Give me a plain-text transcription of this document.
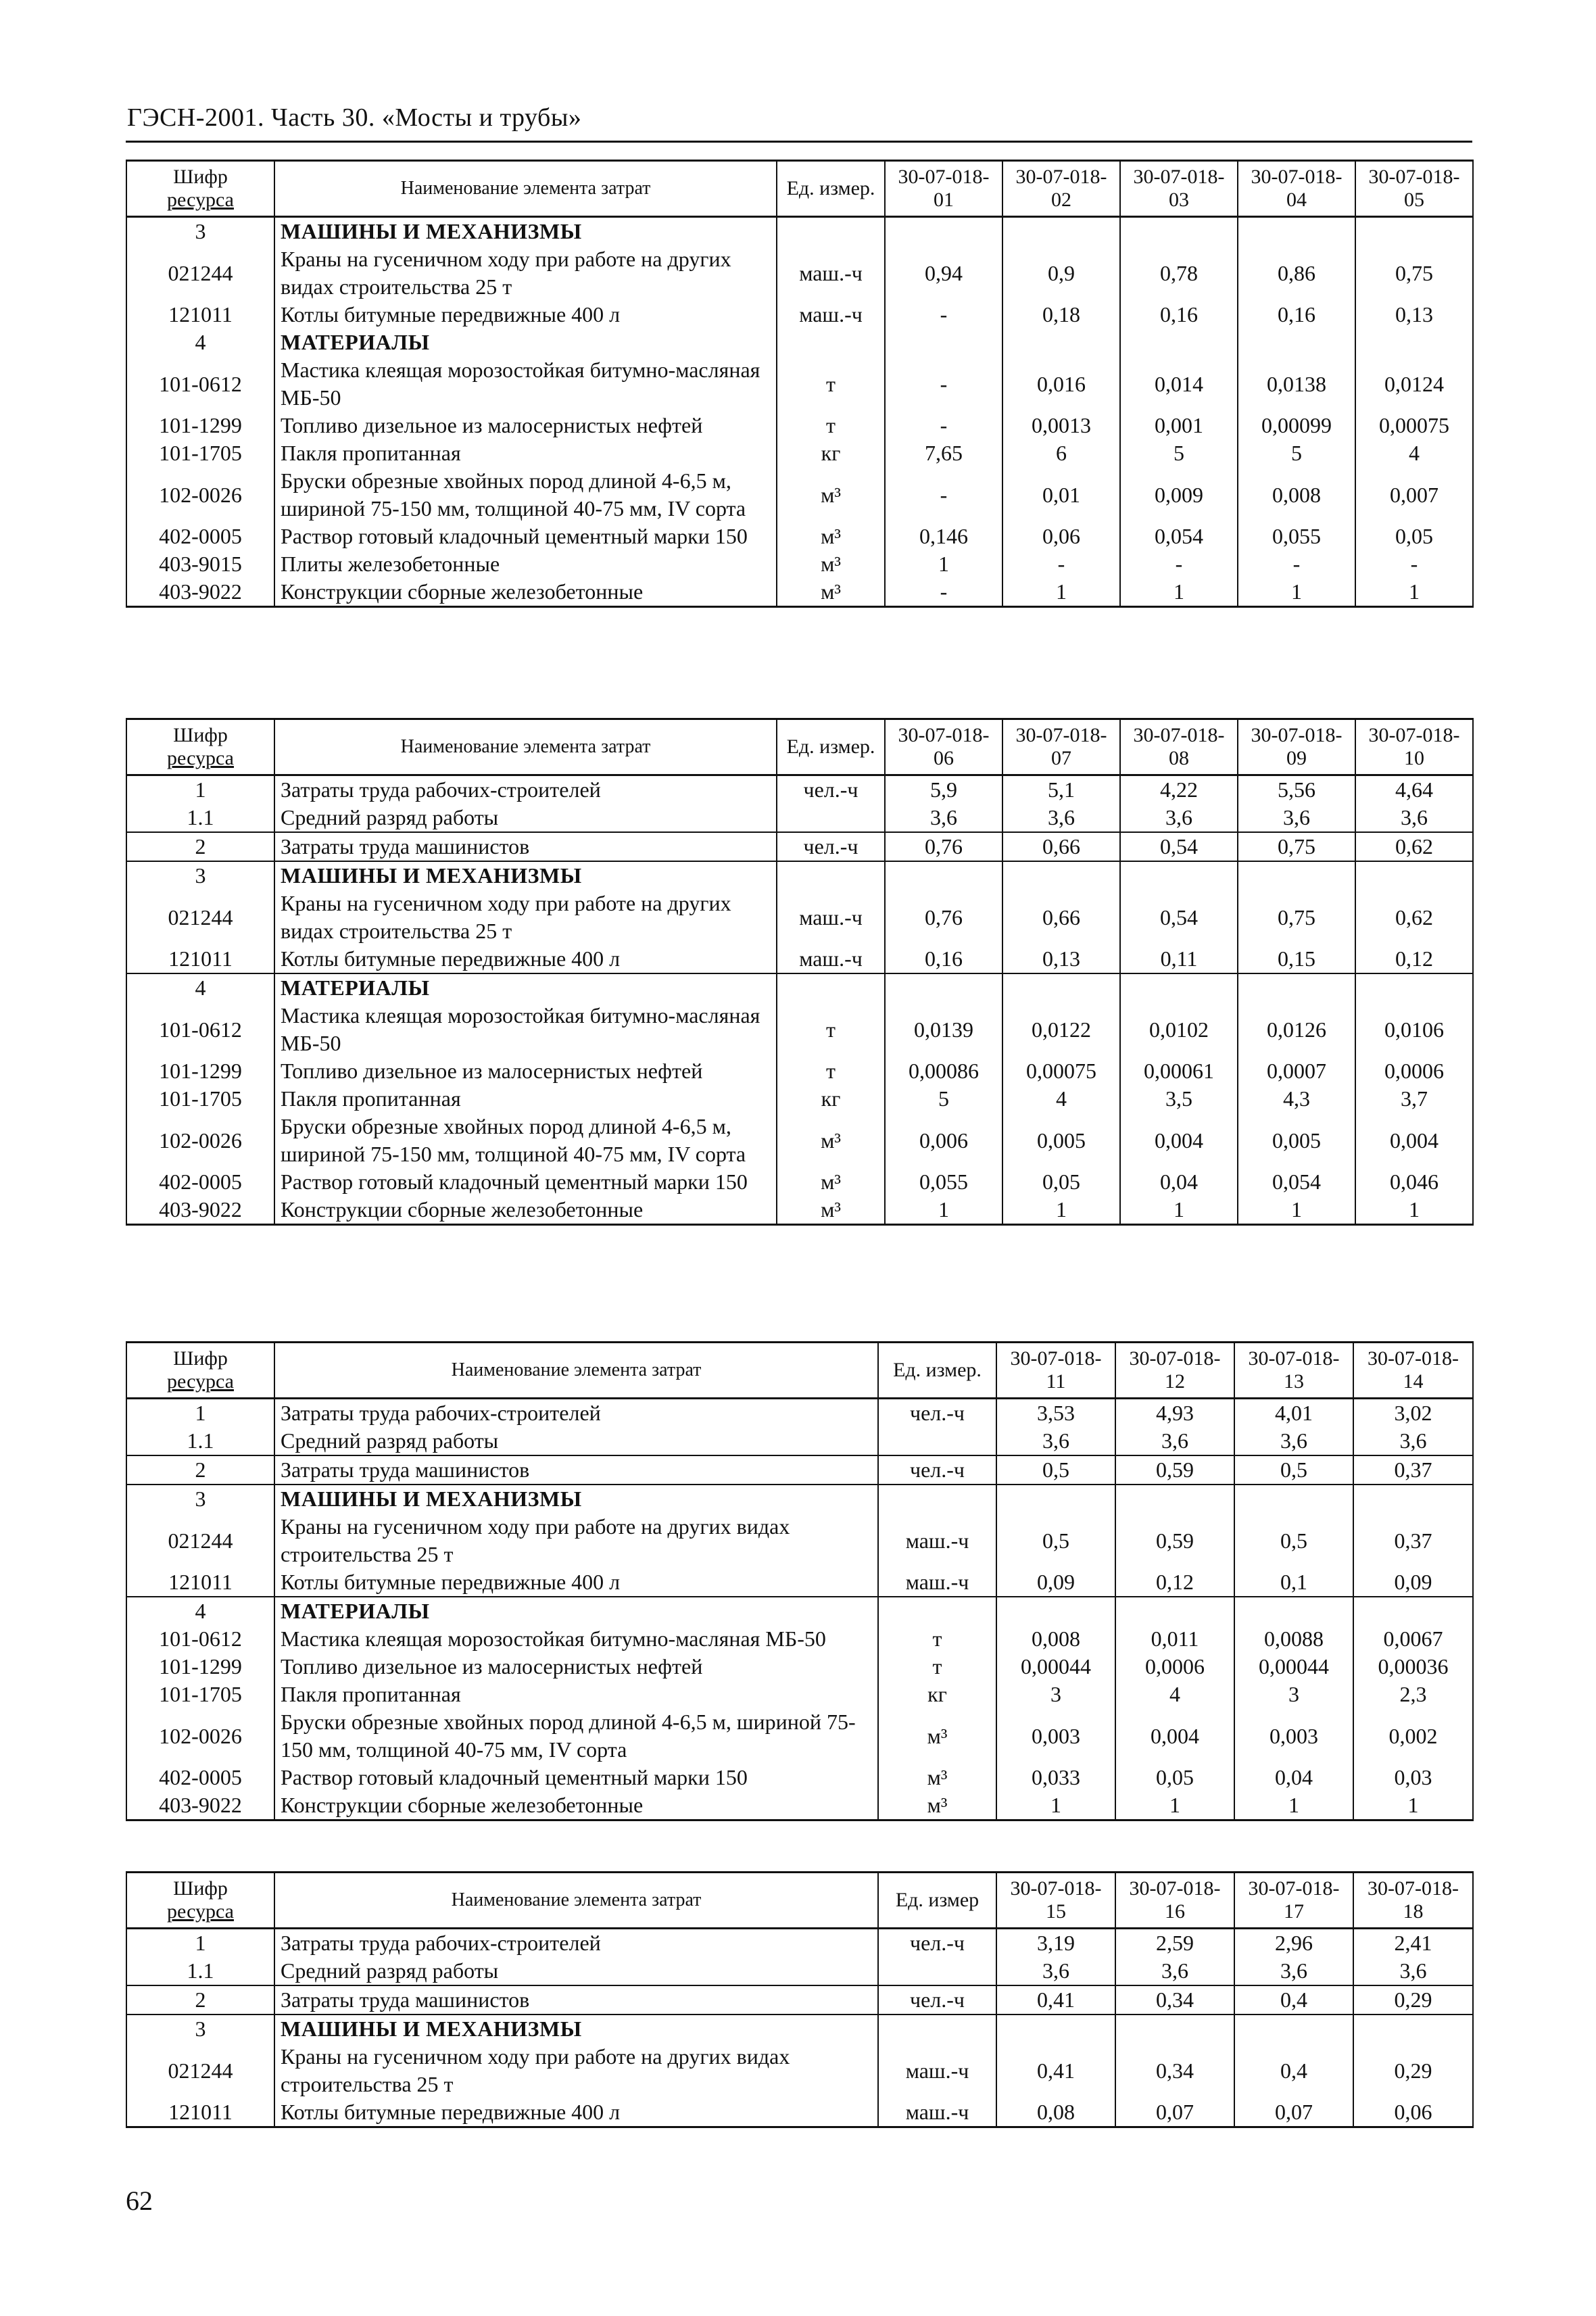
ГЭСН-2001. Часть 30. «Мосты и трубы»
Шифр
ресурса	Наименование элемента затрат	Ед. измер.	30-07-018-01	30-07-018-02	30-07-018-03	30-07-018-04	30-07-018-05
3	МАШИНЫ И МЕХАНИЗМЫ						
021244	Краны на гусеничном ходу при работе на других видах строительства 25 т	маш.-ч	0,94	0,9	0,78	0,86	0,75
121011	Котлы битумные передвижные 400 л	маш.-ч	-	0,18	0,16	0,16	0,13
4	МАТЕРИАЛЫ						
101-0612	Мастика клеящая морозостойкая битумно-масляная МБ-50	т	-	0,016	0,014	0,0138	0,0124
101-1299	Топливо дизельное из малосернистых нефтей	т	-	0,0013	0,001	0,00099	0,00075
101-1705	Пакля пропитанная	кг	7,65	6	5	5	4
102-0026	Бруски обрезные хвойных пород длиной 4-6,5 м, шириной 75-150 мм, толщиной 40-75 мм, IV сорта	м³	-	0,01	0,009	0,008	0,007
402-0005	Раствор готовый кладочный цементный марки 150	м³	0,146	0,06	0,054	0,055	0,05
403-9015	Плиты железобетонные	м³	1	-	-	-	-
403-9022	Конструкции сборные железобетонные	м³	-	1	1	1	1
Шифр
ресурса	Наименование элемента затрат	Ед. измер.	30-07-018-06	30-07-018-07	30-07-018-08	30-07-018-09	30-07-018-10
1	Затраты труда рабочих-строителей	чел.-ч	5,9	5,1	4,22	5,56	4,64
1.1	Средний разряд работы		3,6	3,6	3,6	3,6	3,6
2	Затраты труда машинистов	чел.-ч	0,76	0,66	0,54	0,75	0,62
3	МАШИНЫ И МЕХАНИЗМЫ						
021244	Краны на гусеничном ходу при работе на других видах строительства 25 т	маш.-ч	0,76	0,66	0,54	0,75	0,62
121011	Котлы битумные передвижные 400 л	маш.-ч	0,16	0,13	0,11	0,15	0,12
4	МАТЕРИАЛЫ						
101-0612	Мастика клеящая морозостойкая битумно-масляная МБ-50	т	0,0139	0,0122	0,0102	0,0126	0,0106
101-1299	Топливо дизельное из малосернистых нефтей	т	0,00086	0,00075	0,00061	0,0007	0,0006
101-1705	Пакля пропитанная	кг	5	4	3,5	4,3	3,7
102-0026	Бруски обрезные хвойных пород длиной 4-6,5 м, шириной 75-150 мм, толщиной 40-75 мм, IV сорта	м³	0,006	0,005	0,004	0,005	0,004
402-0005	Раствор готовый кладочный цементный марки 150	м³	0,055	0,05	0,04	0,054	0,046
403-9022	Конструкции сборные железобетонные	м³	1	1	1	1	1
Шифр
ресурса	Наименование элемента затрат	Ед. измер.	30-07-018-11	30-07-018-12	30-07-018-13	30-07-018-14
1	Затраты труда рабочих-строителей	чел.-ч	3,53	4,93	4,01	3,02
1.1	Средний разряд работы		3,6	3,6	3,6	3,6
2	Затраты труда машинистов	чел.-ч	0,5	0,59	0,5	0,37
3	МАШИНЫ И МЕХАНИЗМЫ					
021244	Краны на гусеничном ходу при работе на других видах строительства 25 т	маш.-ч	0,5	0,59	0,5	0,37
121011	Котлы битумные передвижные 400 л	маш.-ч	0,09	0,12	0,1	0,09
4	МАТЕРИАЛЫ					
101-0612	Мастика клеящая морозостойкая битумно-масляная МБ-50	т	0,008	0,011	0,0088	0,0067
101-1299	Топливо дизельное из малосернистых нефтей	т	0,00044	0,0006	0,00044	0,00036
101-1705	Пакля пропитанная	кг	3	4	3	2,3
102-0026	Бруски обрезные хвойных пород длиной 4-6,5 м, шириной 75-150 мм, толщиной 40-75 мм, IV сорта	м³	0,003	0,004	0,003	0,002
402-0005	Раствор готовый кладочный цементный марки 150	м³	0,033	0,05	0,04	0,03
403-9022	Конструкции сборные железобетонные	м³	1	1	1	1
Шифр
ресурса	Наименование элемента затрат	Ед. измер	30-07-018-15	30-07-018-16	30-07-018-17	30-07-018-18
1	Затраты труда рабочих-строителей	чел.-ч	3,19	2,59	2,96	2,41
1.1	Средний разряд работы		3,6	3,6	3,6	3,6
2	Затраты труда машинистов	чел.-ч	0,41	0,34	0,4	0,29
3	МАШИНЫ И МЕХАНИЗМЫ					
021244	Краны на гусеничном ходу при работе на других видах строительства 25 т	маш.-ч	0,41	0,34	0,4	0,29
121011	Котлы битумные передвижные 400 л	маш.-ч	0,08	0,07	0,07	0,06
62
